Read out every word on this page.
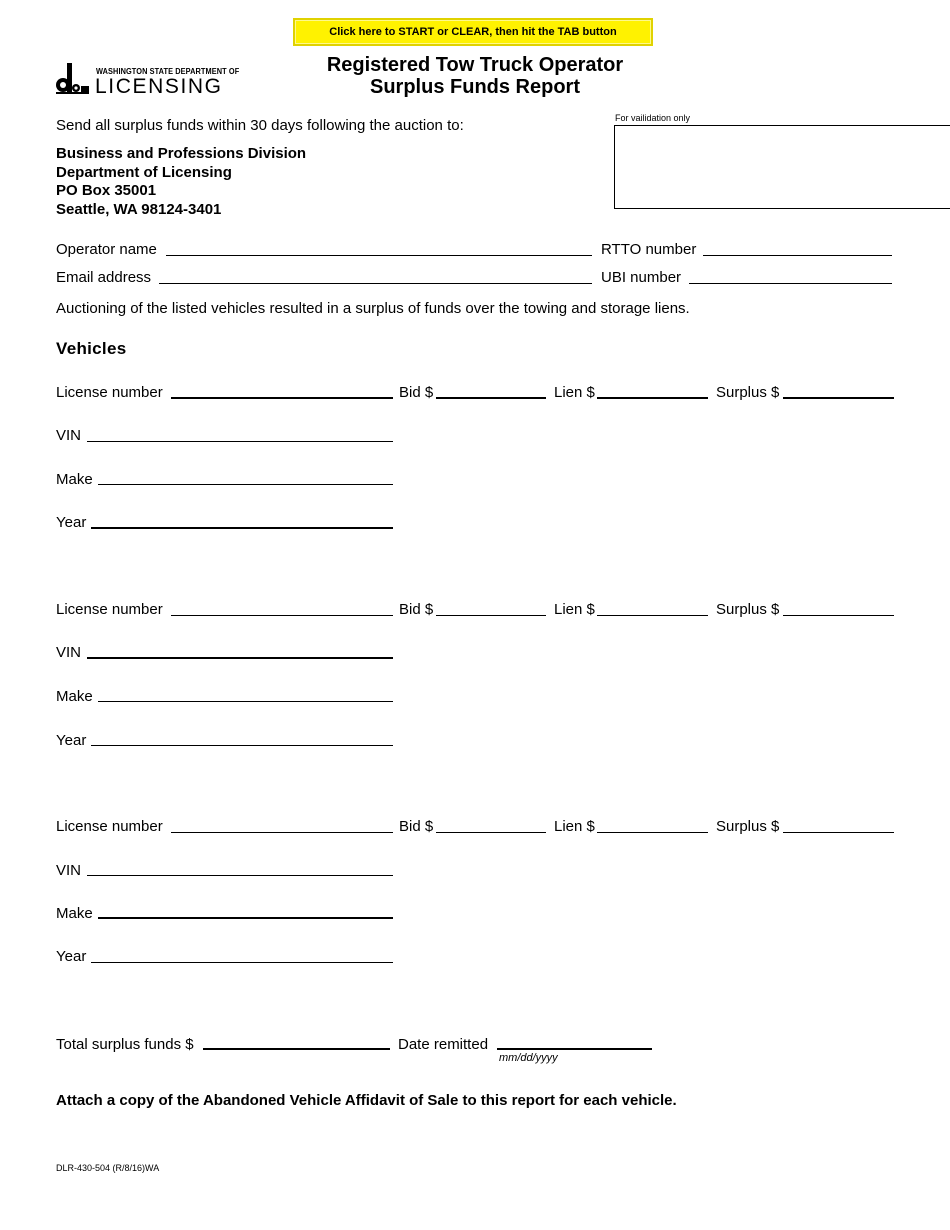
Click here to START or CLEAR, then hit the TAB button
WASHINGTON STATE DEPARTMENT OF
LICENSING
Registered Tow Truck Operator
Surplus Funds Report
Send all surplus funds within 30 days following the auction to:
Business and Professions Division
Department of Licensing
PO Box 35001
Seattle, WA 98124-3401
For vailidation only
Operator name	RTTO number
Email address	UBI number
Auctioning of the listed vehicles resulted in a surplus of funds over the towing and storage liens.
Vehicles
License number	Bid $	Lien $	Surplus $
VIN
Make
Year
License number	Bid $	Lien $	Surplus $
VIN
Make
Year
License number	Bid $	Lien $	Surplus $
VIN
Make
Year
Total surplus funds $	Date remitted
mm/dd/yyyy
Attach a copy of the Abandoned Vehicle Affidavit of Sale to this report for each vehicle.
DLR-430-504 (R/8/16)WA
